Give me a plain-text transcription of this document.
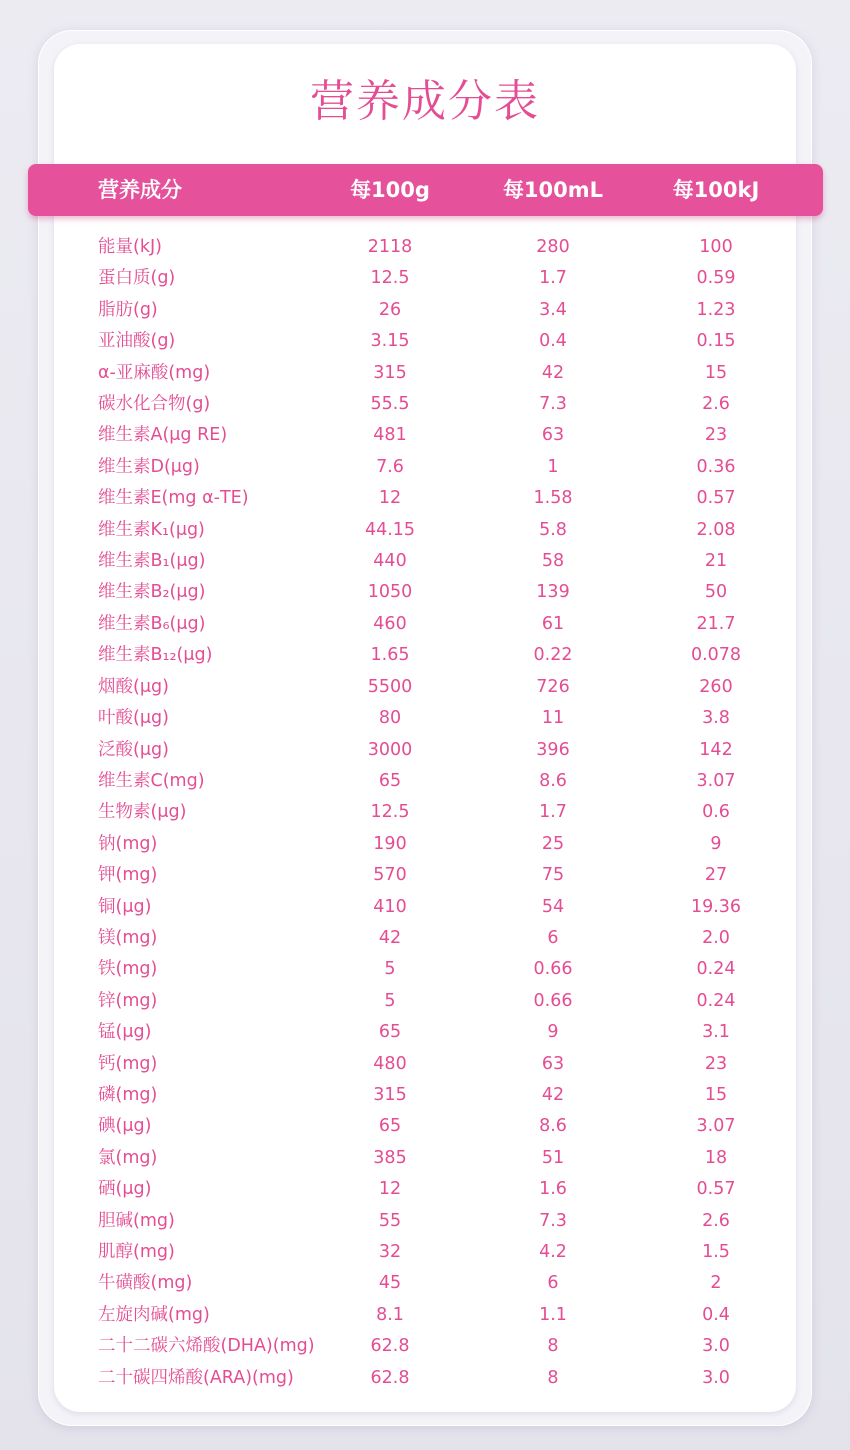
营养成分表
营养成分	每100g	每100mL	每100kJ
能量(kJ)	2118	280	100
蛋白质(g)	12.5	1.7	0.59
脂肪(g)	26	3.4	1.23
亚油酸(g)	3.15	0.4	0.15
α-亚麻酸(mg)	315	42	15
碳水化合物(g)	55.5	7.3	2.6
维生素A(μg RE)	481	63	23
维生素D(μg)	7.6	1	0.36
维生素E(mg α-TE)	12	1.58	0.57
维生素K₁(μg)	44.15	5.8	2.08
维生素B₁(μg)	440	58	21
维生素B₂(μg)	1050	139	50
维生素B₆(μg)	460	61	21.7
维生素B₁₂(μg)	1.65	0.22	0.078
烟酸(μg)	5500	726	260
叶酸(μg)	80	11	3.8
泛酸(μg)	3000	396	142
维生素C(mg)	65	8.6	3.07
生物素(μg)	12.5	1.7	0.6
钠(mg)	190	25	9
钾(mg)	570	75	27
铜(μg)	410	54	19.36
镁(mg)	42	6	2.0
铁(mg)	5	0.66	0.24
锌(mg)	5	0.66	0.24
锰(μg)	65	9	3.1
钙(mg)	480	63	23
磷(mg)	315	42	15
碘(μg)	65	8.6	3.07
氯(mg)	385	51	18
硒(μg)	12	1.6	0.57
胆碱(mg)	55	7.3	2.6
肌醇(mg)	32	4.2	1.5
牛磺酸(mg)	45	6	2
左旋肉碱(mg)	8.1	1.1	0.4
二十二碳六烯酸(DHA)(mg)	62.8	8	3.0
二十碳四烯酸(ARA)(mg)	62.8	8	3.0
